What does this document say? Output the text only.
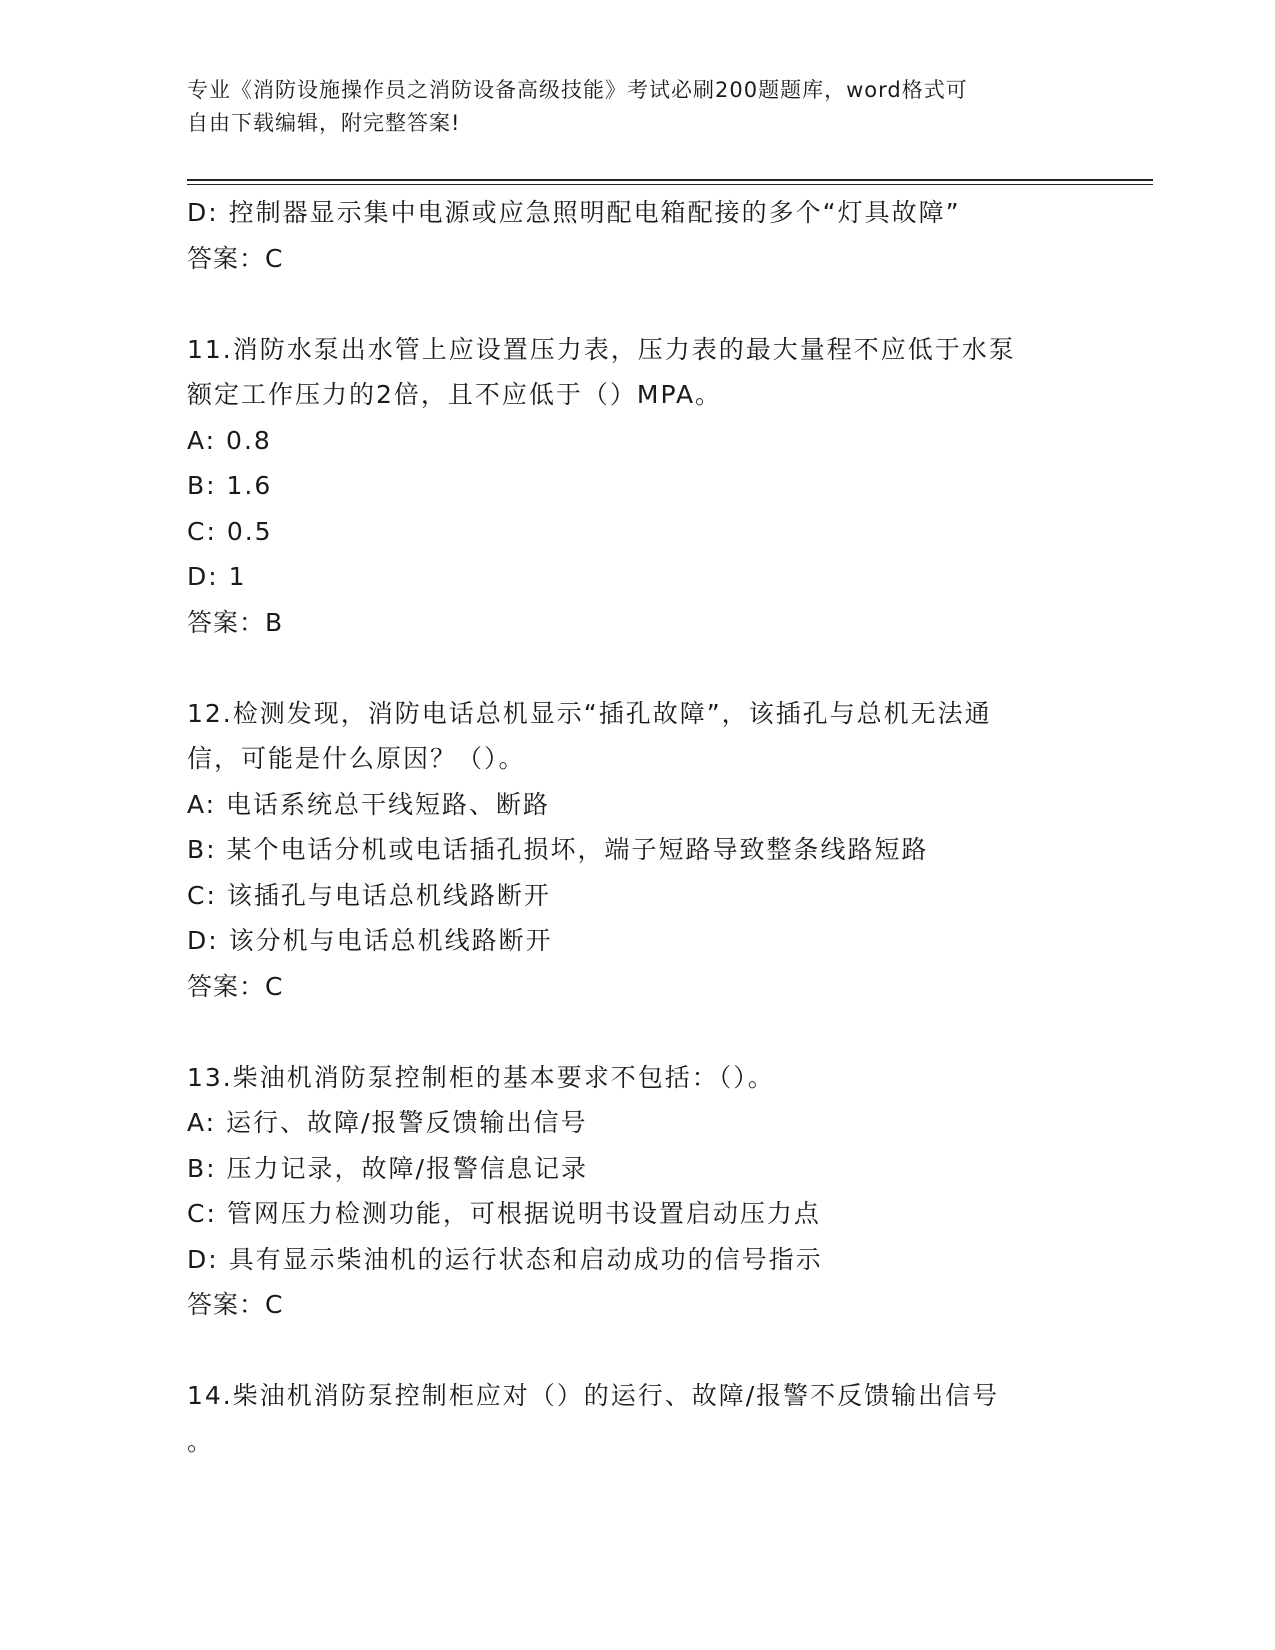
专业《消防设施操作员之消防设备高级技能》考试必刷200题题库，word格式可
自由下载编辑，附完整答案!
D: 控制器显示集中电源或应急照明配电箱配接的多个“灯具故障”
答案：C
11.消防水泵出水管上应设置压力表，压力表的最大量程不应低于水泵
额定工作压力的2倍，且不应低于（）MPA。
A: 0.8
B: 1.6
C: 0.5
D: 1
答案：B
12.检测发现，消防电话总机显示“插孔故障”，该插孔与总机无法通
信，可能是什么原因？（）。
A: 电话系统总干线短路、断路
B: 某个电话分机或电话插孔损坏，端子短路导致整条线路短路
C: 该插孔与电话总机线路断开
D: 该分机与电话总机线路断开
答案：C
13.柴油机消防泵控制柜的基本要求不包括：（）。
A: 运行、故障/报警反馈输出信号
B: 压力记录，故障/报警信息记录
C: 管网压力检测功能，可根据说明书设置启动压力点
D: 具有显示柴油机的运行状态和启动成功的信号指示
答案：C
14.柴油机消防泵控制柜应对（）的运行、故障/报警不反馈输出信号
。
